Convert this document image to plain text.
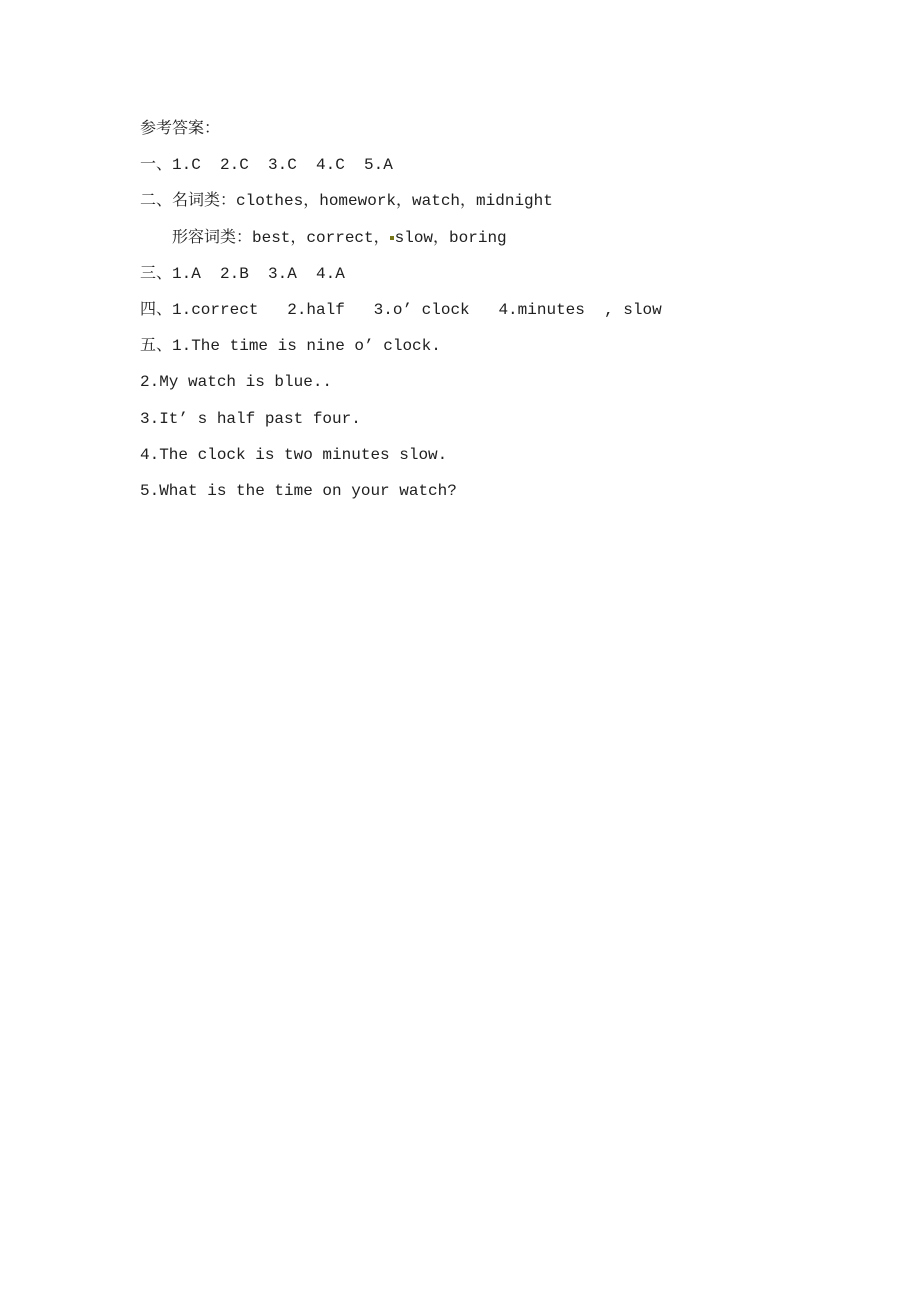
参考答案：
一、1.C  2.C  3.C  4.C  5.A
二、名词类：clothes，homework，watch，midnight
形容词类：best，correct， slow，boring
三、1.A  2.B  3.A  4.A
四、1.correct   2.half   3.o’ clock   4.minutes  , slow
五、1.The time is nine o’ clock.
2.My watch is blue..
3.It’ s half past four.
4.The clock is two minutes slow.
5.What is the time on your watch?
